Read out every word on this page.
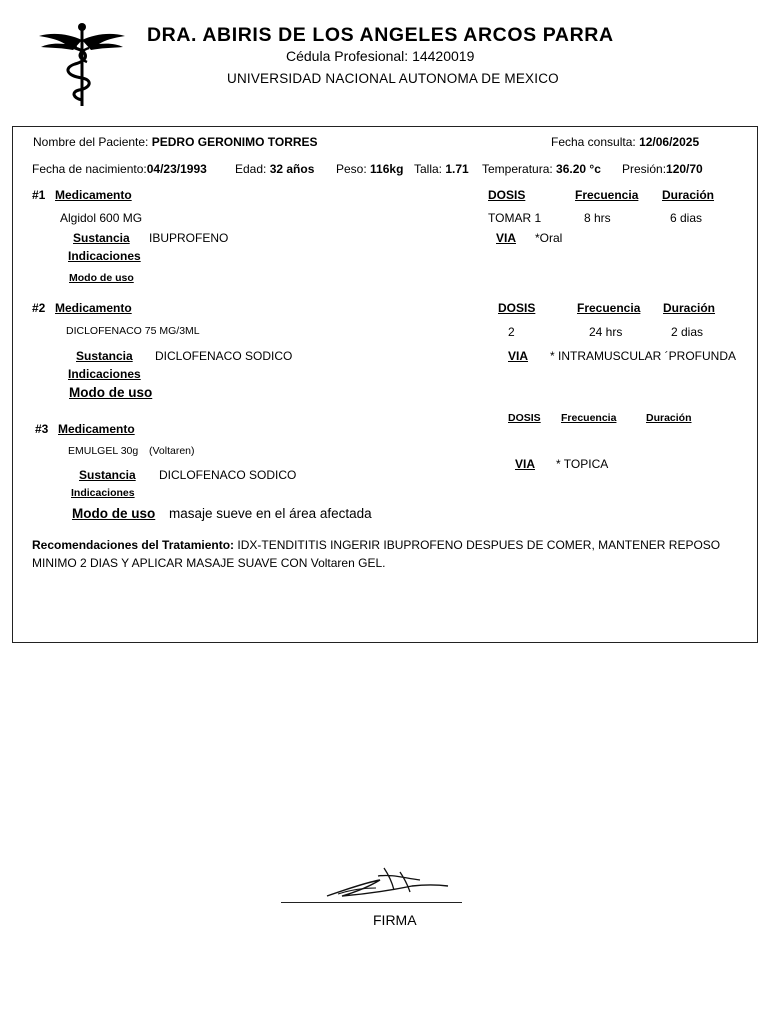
DRA. ABIRIS DE LOS ANGELES ARCOS PARRA
Cédula Profesional: 14420019
UNIVERSIDAD NACIONAL AUTONOMA DE MEXICO
Nombre del Paciente: PEDRO GERONIMO TORRES	Fecha consulta: 12/06/2025
Fecha de nacimiento:04/23/1993 Edad: 32 años Peso: 116kg Talla: 1.71 Temperatura: 36.20 °c Presión:120/70
#1 Medicamento	DOSIS	Frecuencia Duración
Algidol 600 MG	TOMAR 1	8 hrs	6 dias
Sustancia IBUPROFENO	VIA *Oral
Indicaciones
Modo de uso
#2 Medicamento	DOSIS	Frecuencia Duración
DICLOFENACO 75 MG/3ML	2	24 hrs	2 dias
Sustancia DICLOFENACO SODICO	VIA * INTRAMUSCULAR ´PROFUNDA
Indicaciones
Modo de uso
DOSIS Frecuencia	Duración
#3 Medicamento
EMULGEL 30g (Voltaren)
VIA * TOPICA
Sustancia DICLOFENACO SODICO
Indicaciones
Modo de uso masaje sueve en el área afectada
Recomendaciones del Tratamiento: IDX-TENDITITIS INGERIR IBUPROFENO DESPUES DE COMER, MANTENER REPOSO
MINIMO 2 DIAS Y APLICAR MASAJE SUAVE CON Voltaren GEL.
FIRMA
